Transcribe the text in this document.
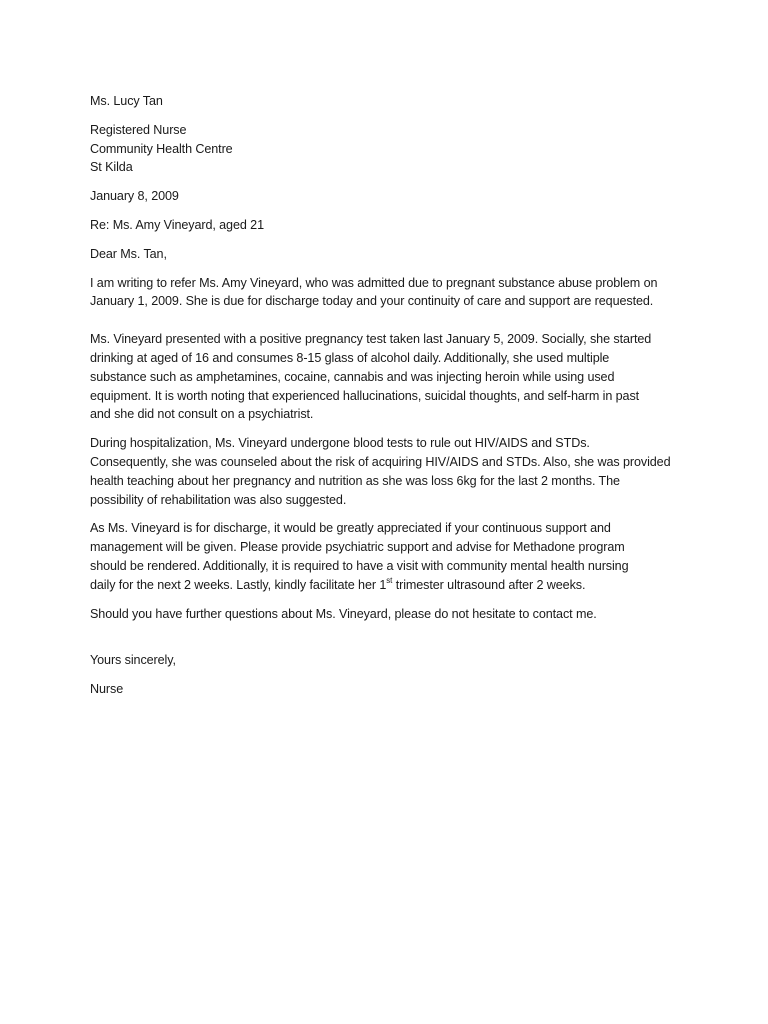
Ms. Lucy Tan
Registered Nurse
Community Health Centre
St Kilda
January 8, 2009
Re: Ms. Amy Vineyard, aged 21
Dear Ms. Tan,
I am writing to refer Ms. Amy Vineyard, who was admitted due to pregnant substance abuse problem on
January 1, 2009. She is due for discharge today and your continuity of care and support are requested.
Ms. Vineyard presented with a positive pregnancy test taken last January 5, 2009. Socially, she started
drinking at aged of 16 and consumes 8-15 glass of alcohol daily. Additionally, she used multiple
substance such as amphetamines, cocaine, cannabis and was injecting heroin while using used
equipment. It is worth noting that experienced hallucinations, suicidal thoughts, and self-harm in past
and she did not consult on a psychiatrist.
During hospitalization, Ms. Vineyard undergone blood tests to rule out HIV/AIDS and STDs.
Consequently, she was counseled about the risk of acquiring HIV/AIDS and STDs. Also, she was provided
health teaching about her pregnancy and nutrition as she was loss 6kg for the last 2 months. The
possibility of rehabilitation was also suggested.
As Ms. Vineyard is for discharge, it would be greatly appreciated if your continuous support and
management will be given. Please provide psychiatric support and advise for Methadone program
should be rendered. Additionally, it is required to have a visit with community mental health nursing
daily for the next 2 weeks. Lastly, kindly facilitate her 1st trimester ultrasound after 2 weeks.
Should you have further questions about Ms. Vineyard, please do not hesitate to contact me.
Yours sincerely,
Nurse
